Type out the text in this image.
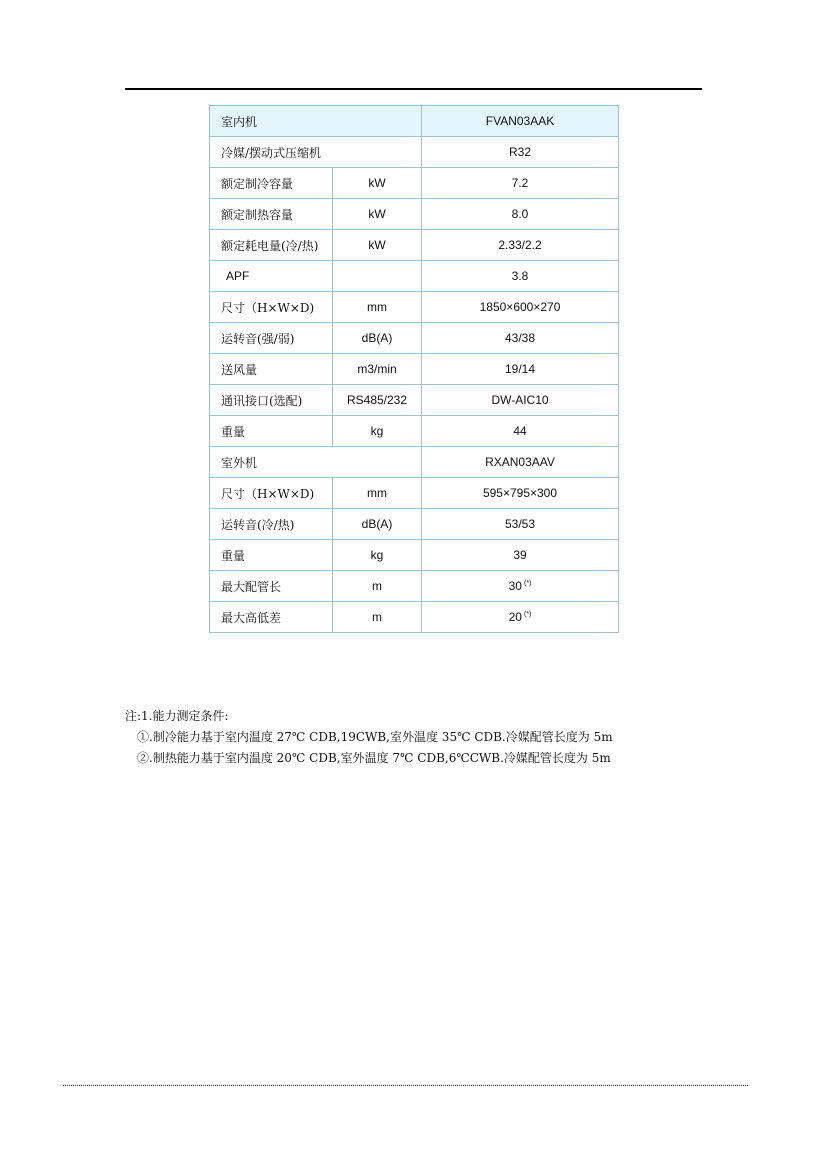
室内机		FVAN03AAK
冷媒/摆动式压缩机		R32
额定制冷容量	kW	7.2
额定制热容量	kW	8.0
额定耗电量(冷/热)	kW	2.33/2.2
APF		3.8
尺寸（H×W×D)	mm	1850×600×270
运转音(强/弱)	dB(A)	43/38
送风量	m3/min	19/14
通讯接口(选配)	RS485/232	DW-AIC10
重量	kg	44
室外机		RXAN03AAV
尺寸（H×W×D)	mm	595×795×300
运转音(冷/热)	dB(A)	53/53
重量	kg	39
最大配管长	m	30 (*)
最大高低差	m	20 (*)
注:1.能力测定条件:
①.制冷能力基于室内温度 27℃ CDB,19CWB,室外温度 35℃ CDB.冷媒配管长度为 5m
②.制热能力基于室内温度 20℃ CDB,室外温度 7℃ CDB,6℃CWB.冷媒配管长度为 5m
